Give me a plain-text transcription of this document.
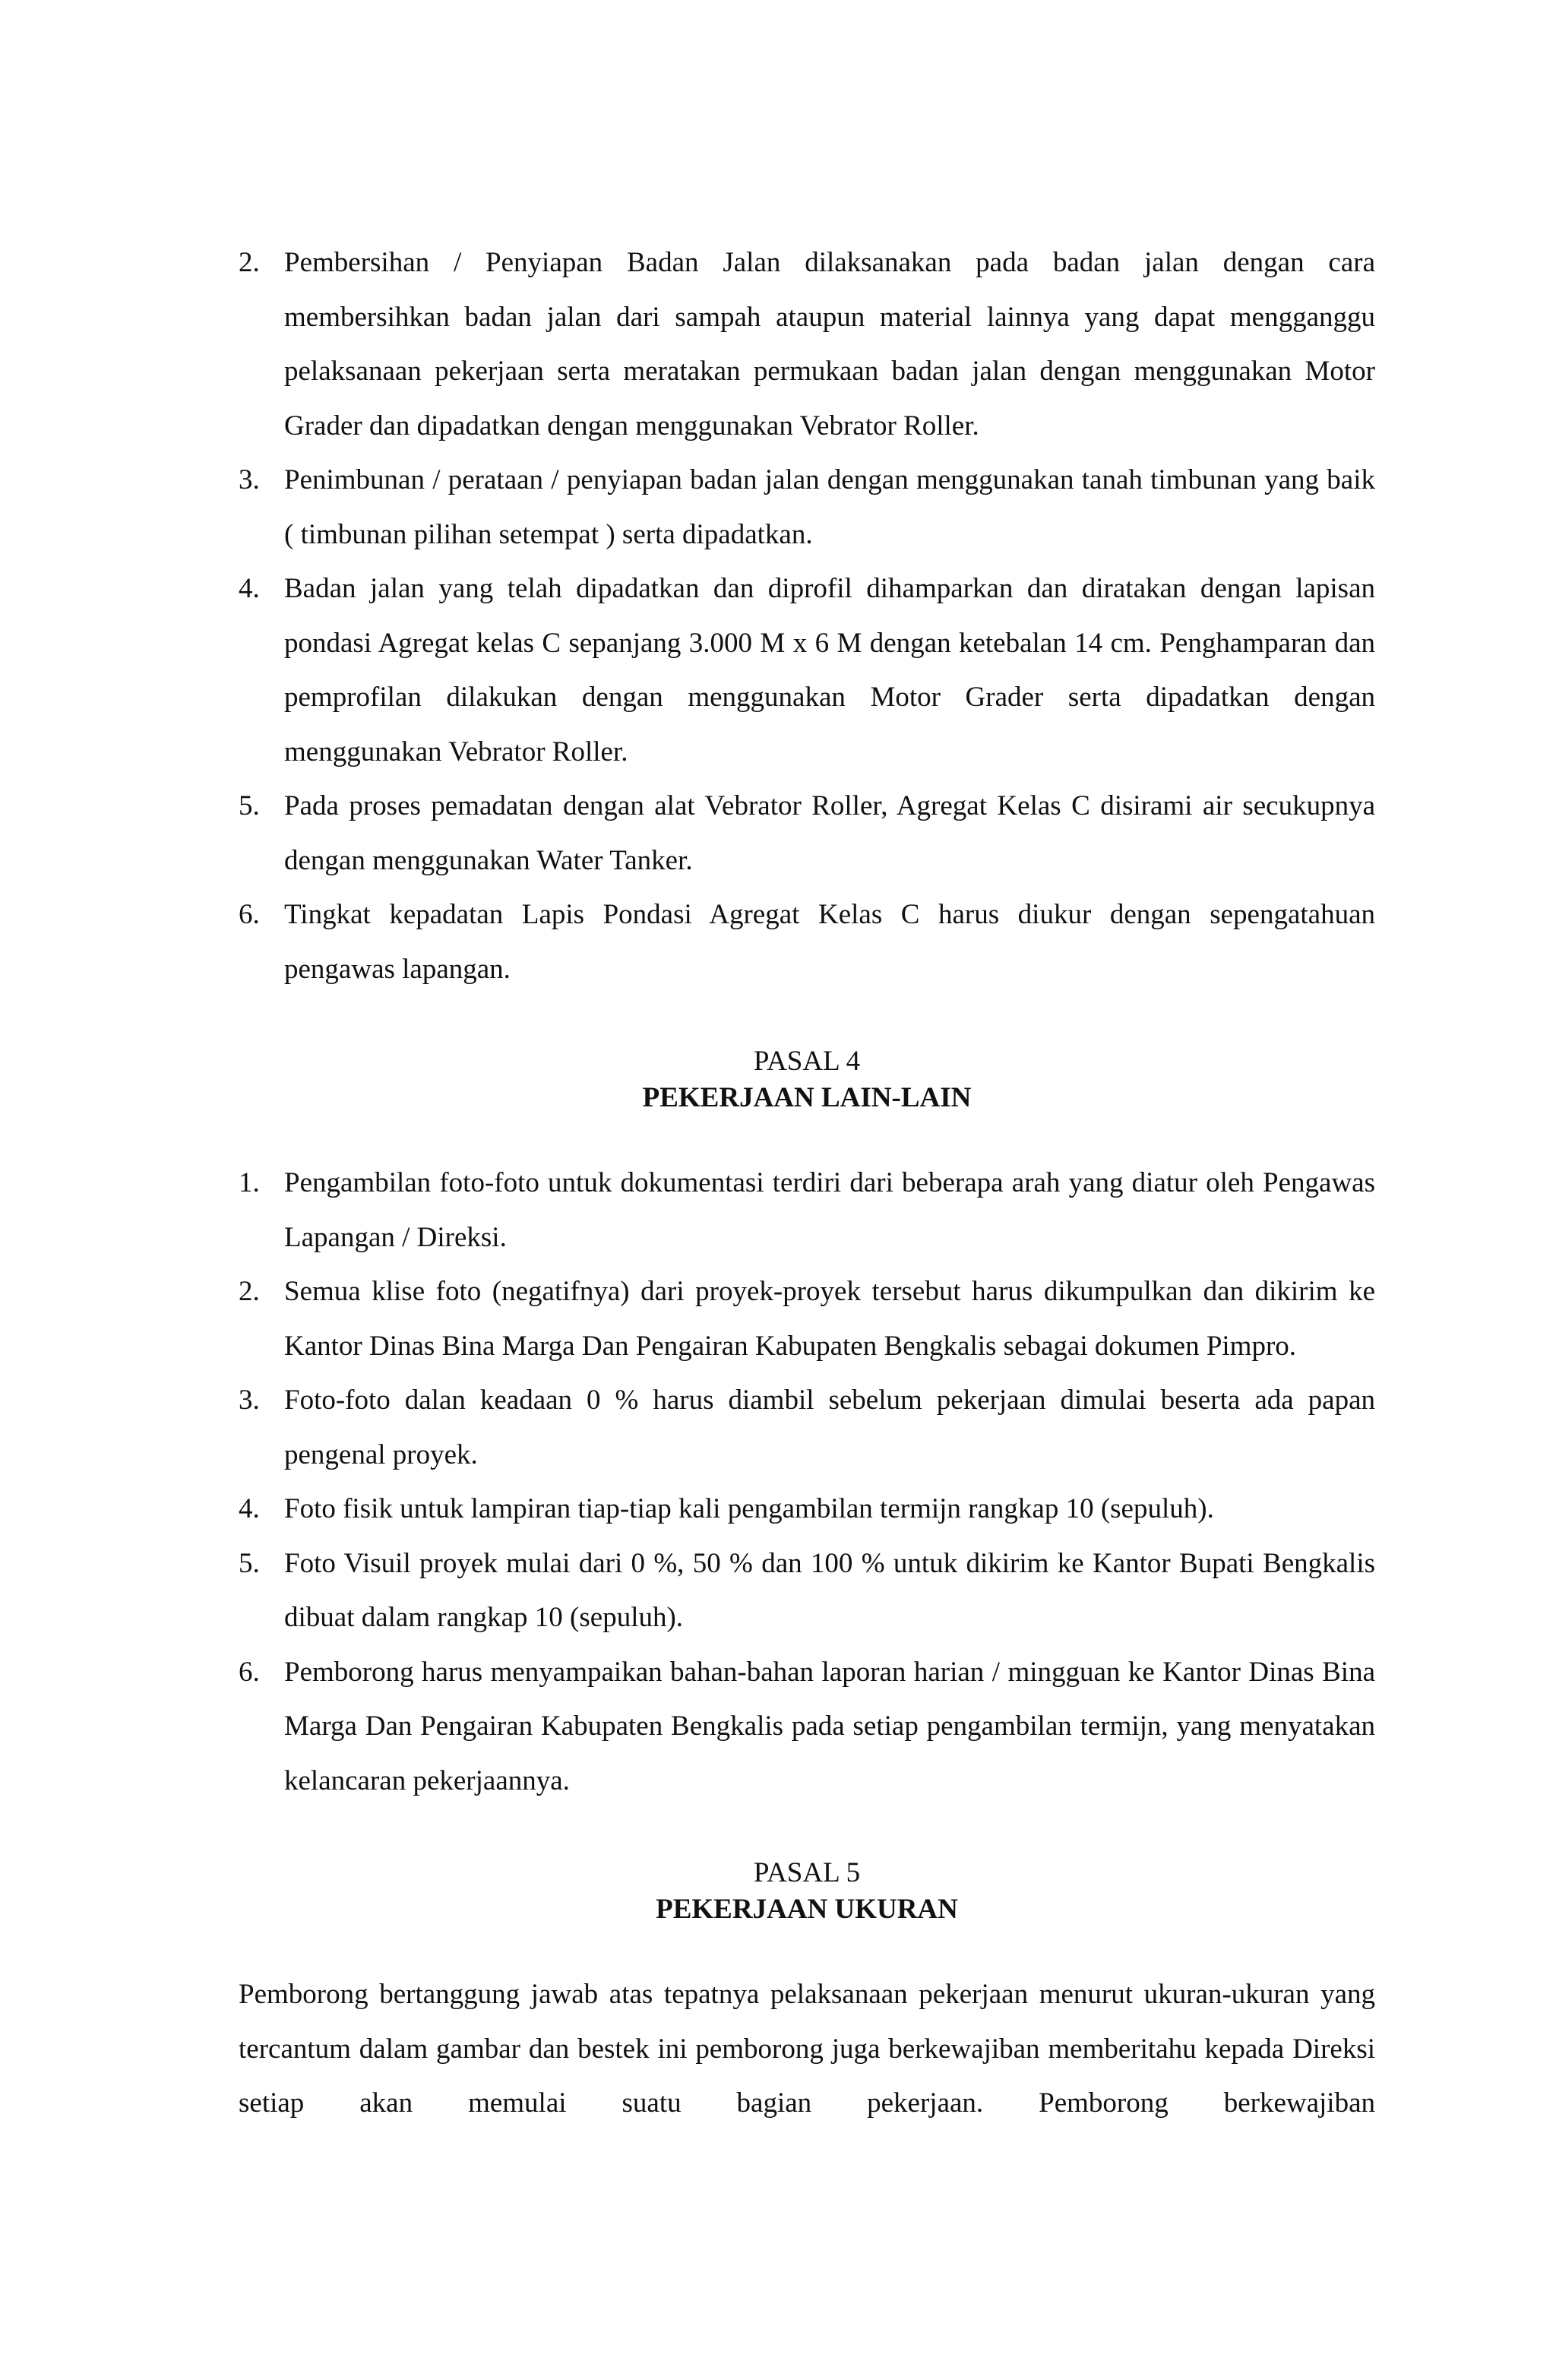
2. Pembersihan / Penyiapan Badan Jalan dilaksanakan pada badan jalan dengan cara membersihkan badan jalan dari sampah ataupun material lainnya yang dapat mengganggu pelaksanaan pekerjaan serta meratakan permukaan badan jalan dengan menggunakan Motor Grader dan dipadatkan dengan menggunakan Vebrator Roller.
3. Penimbunan / perataan / penyiapan badan jalan dengan menggunakan tanah timbunan yang baik ( timbunan pilihan setempat ) serta dipadatkan.
4. Badan jalan yang telah dipadatkan dan diprofil dihamparkan dan diratakan dengan lapisan pondasi Agregat kelas C sepanjang 3.000 M x 6 M dengan ketebalan 14 cm. Penghamparan dan pemprofilan dilakukan dengan menggunakan Motor Grader serta dipadatkan dengan menggunakan Vebrator Roller.
5. Pada proses pemadatan dengan alat Vebrator Roller, Agregat Kelas C disirami air secukupnya dengan menggunakan Water Tanker.
6. Tingkat kepadatan Lapis Pondasi Agregat Kelas C harus diukur dengan sepengatahuan pengawas lapangan.
PASAL 4
PEKERJAAN LAIN-LAIN
1. Pengambilan foto-foto untuk dokumentasi terdiri dari beberapa arah yang diatur oleh Pengawas Lapangan / Direksi.
2. Semua klise foto (negatifnya) dari proyek-proyek tersebut harus dikumpulkan dan dikirim ke Kantor Dinas Bina Marga Dan Pengairan Kabupaten Bengkalis sebagai dokumen Pimpro.
3. Foto-foto dalan keadaan 0 % harus diambil sebelum pekerjaan dimulai beserta ada papan pengenal proyek.
4. Foto fisik untuk lampiran tiap-tiap kali pengambilan termijn rangkap 10 (sepuluh).
5. Foto Visuil proyek mulai dari 0 %, 50 % dan 100 % untuk dikirim ke Kantor Bupati Bengkalis dibuat dalam rangkap 10 (sepuluh).
6. Pemborong harus menyampaikan bahan-bahan laporan harian / mingguan ke Kantor Dinas Bina Marga Dan Pengairan Kabupaten Bengkalis pada setiap pengambilan termijn, yang menyatakan kelancaran pekerjaannya.
PASAL 5
PEKERJAAN UKURAN
Pemborong bertanggung jawab atas tepatnya pelaksanaan pekerjaan menurut ukuran-ukuran yang tercantum dalam gambar dan bestek ini pemborong juga berkewajiban memberitahu kepada Direksi setiap akan memulai suatu bagian pekerjaan. Pemborong berkewajiban
